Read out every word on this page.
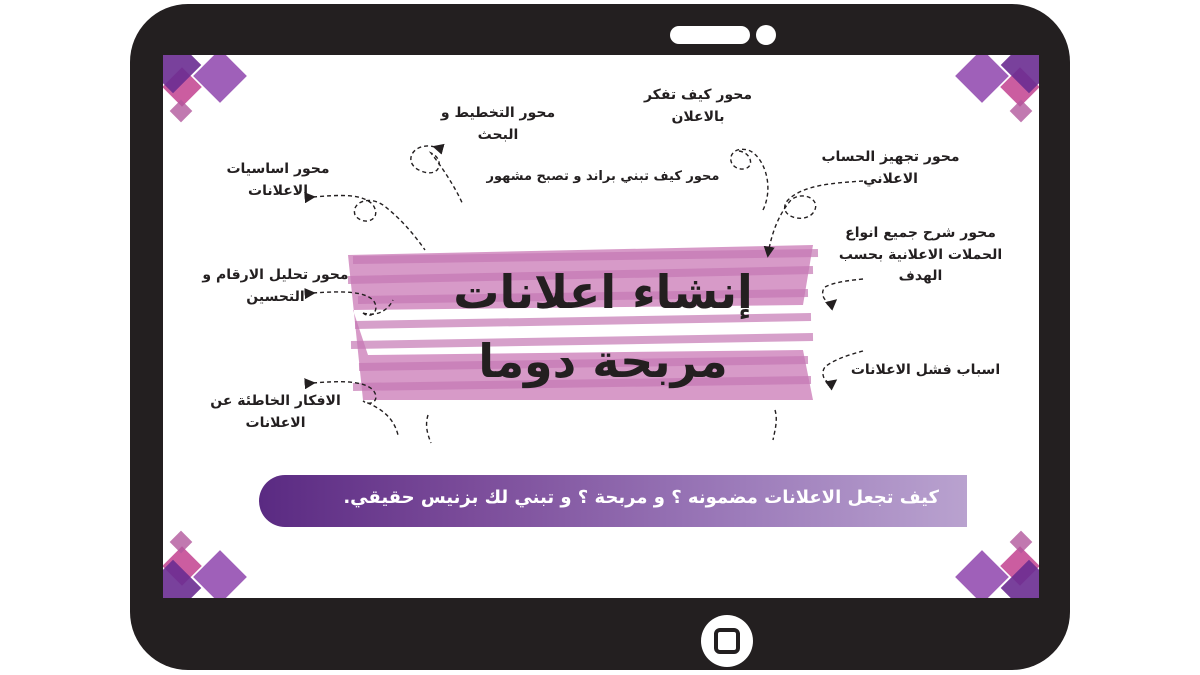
محور التخطيط و البحث
محور كيف تفكر بالاعلان
محور كيف تبني براند و تصبح مشهور
محور اساسيات الاعلانات
محور تجهيز الحساب الاعلاني
محور تحليل الارقام و التحسين
محور شرح جميع انواع الحملات الاعلانية بحسب الهدف
اسباب فشل الاعلانات
الافكار الخاطئة عن الاعلانات
إنشاء اعلانات
مربحة دوما
كيف تجعل الاعلانات مضمونه ؟ و مربحة ؟ و تبني لك بزنيس حقيقي.
